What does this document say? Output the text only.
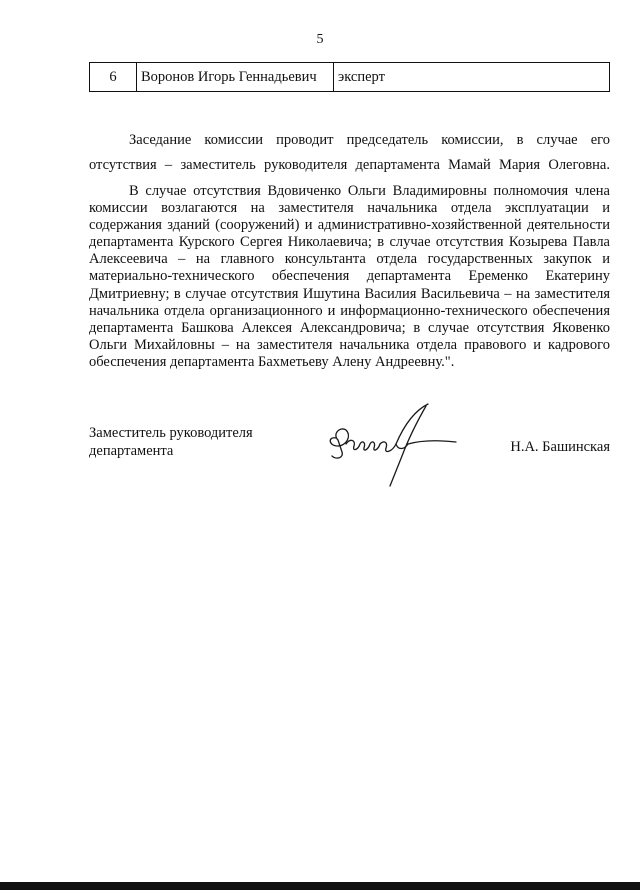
5
6	Воронов Игорь Геннадьевич	эксперт

Заседание комиссии проводит председатель комиссии, в случае его

отсутствия – заместитель руководителя департамента Мамай Мария Олеговна.

В случае отсутствия Вдовиченко Ольги Владимировны полномочия члена комиссии возлагаются на заместителя начальника отдела эксплуатации и содержания зданий (сооружений) и административно-хозяйственной деятельности департамента Курского Сергея Николаевича; в случае отсутствия Козырева Павла Алексеевича – на главного консультанта отдела государственных закупок и материально-технического обеспечения департамента Еременко Екатерину Дмитриевну; в случае отсутствия Ишутина Василия Васильевича – на заместителя начальника отдела организационного и информационно-технического обеспечения департамента Башкова Алексея Александровича; в случае отсутствия Яковенко Ольги Михайловны – на заместителя начальника отдела правового и кадрового обеспечения департамента Бахметьеву Алену Андреевну.".

Заместитель руководителя
департамента	Н.А. Башинская
